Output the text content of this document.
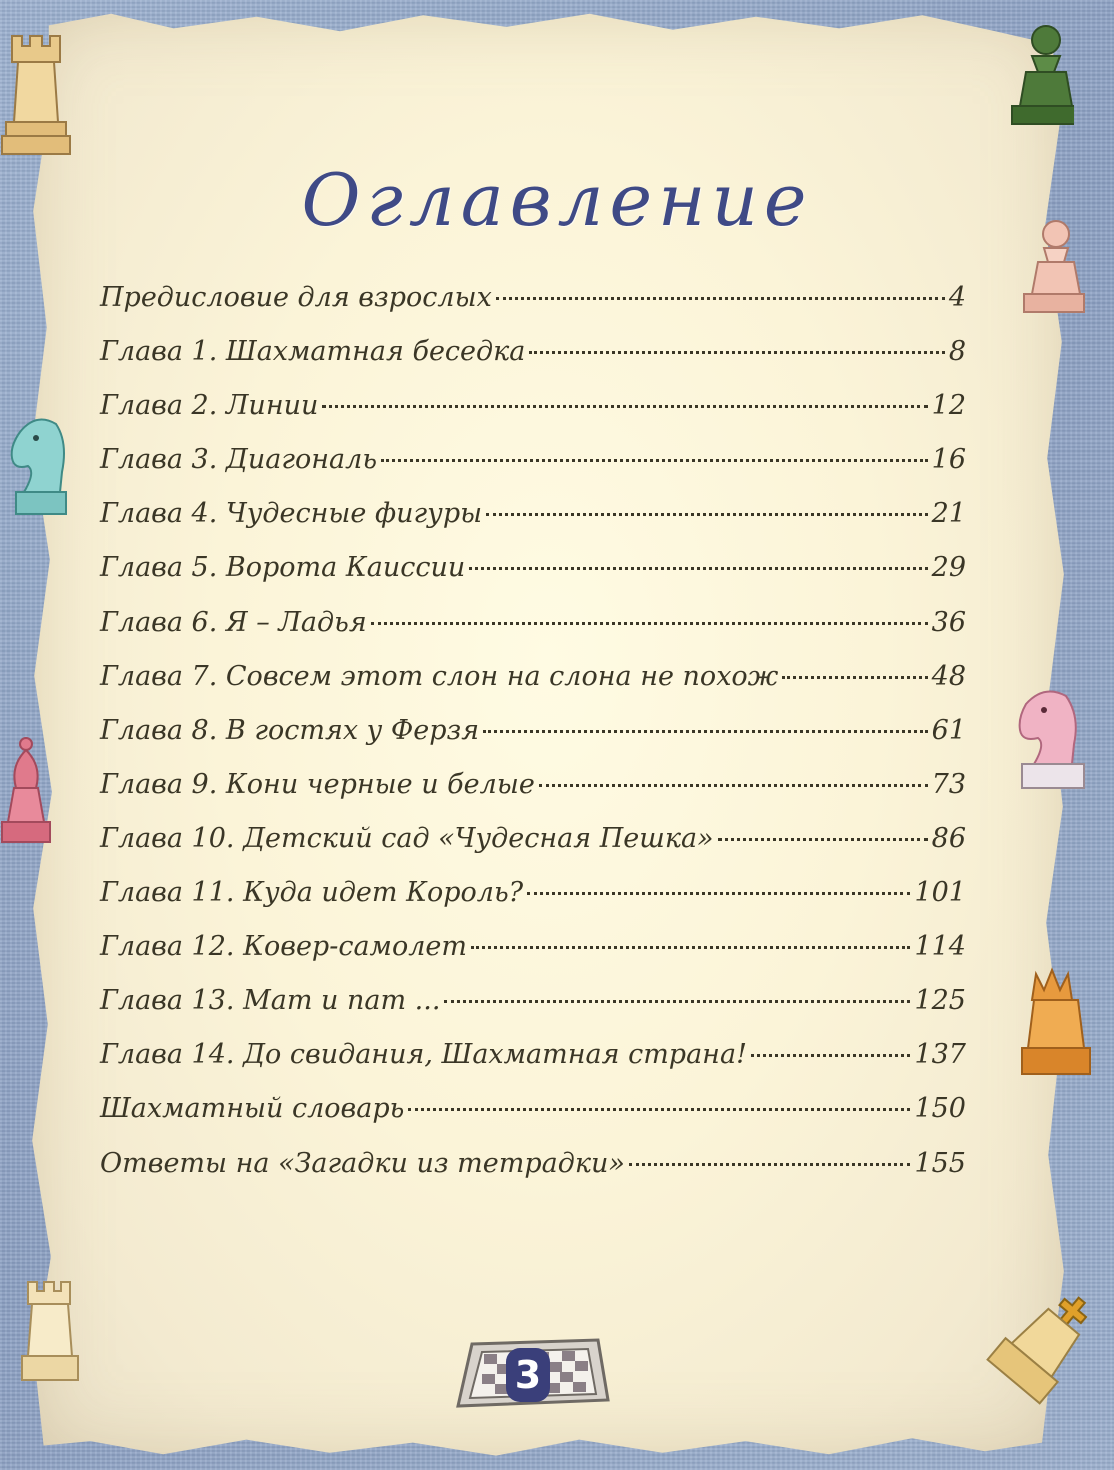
Оглавление
Предисловие для взрослых	4
Глава 1. Шахматная беседка	8
Глава 2. Линии	12
Глава 3. Диагональ	16
Глава 4. Чудесные фигуры	21
Глава 5. Ворота Каиссии	29
Глава 6. Я – Ладья	36
Глава 7. Совсем этот слон на слона не похож	48
Глава 8. В гостях у Ферзя	61
Глава 9. Кони черные и белые	73
Глава 10. Детский сад «Чудесная Пешка»	86
Глава 11. Куда идет Король?	101
Глава 12. Ковер-самолет	114
Глава 13. Мат и пат ...	125
Глава 14. До свидания, Шахматная страна!	137
Шахматный словарь	150
Ответы на «Загадки из тетрадки»	155
3
